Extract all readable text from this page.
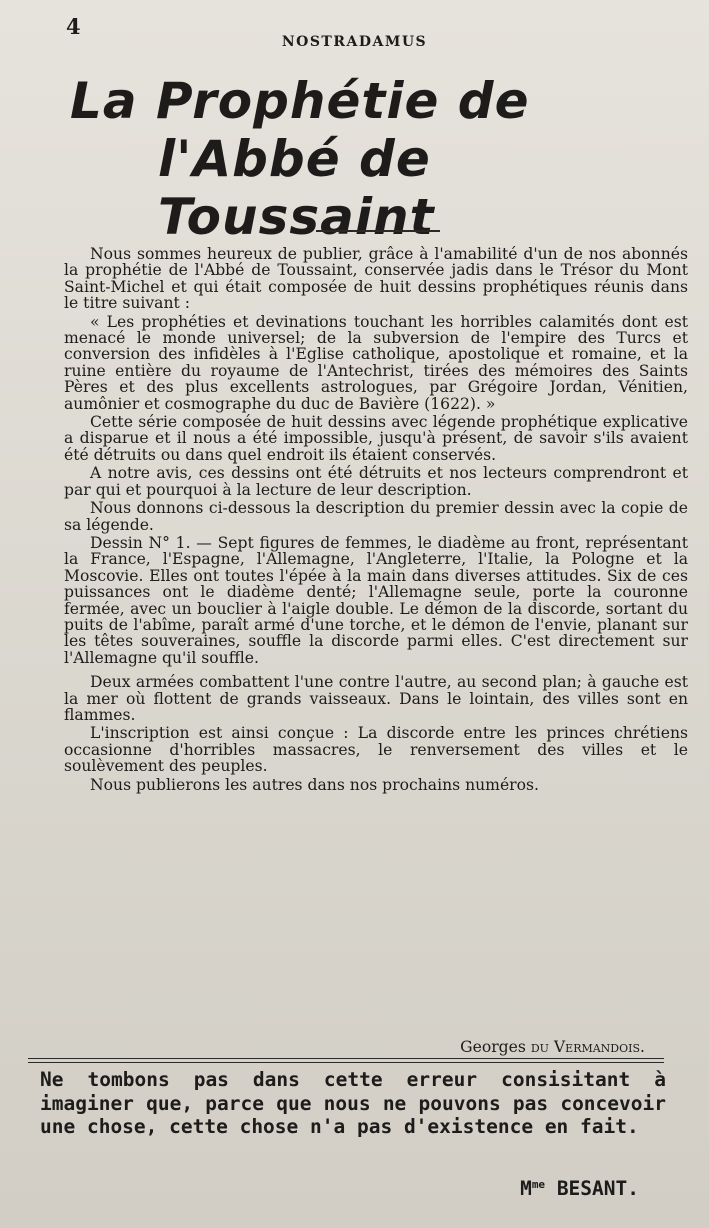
4
NOSTRADAMUS
La Prophétie de
l'Abbé de Toussaint

Nous sommes heureux de publier, grâce à l'amabilité d'un de nos abonnés la prophétie de l'Abbé de Toussaint, conservée jadis dans le Trésor du Mont Saint-Michel et qui était composée de huit dessins prophétiques réunis dans le titre suivant :

« Les prophéties et devinations touchant les horribles calamités dont est menacé le monde universel; de la subversion de l'empire des Turcs et conversion des infidèles à l'Eglise catholique, apostolique et romaine, et la ruine entière du royaume de l'Antechrist, tirées des mémoires des Saints Pères et des plus excellents astrologues, par Grégoire Jordan, Vénitien, aumônier et cosmographe du duc de Bavière (1622). »

Cette série composée de huit dessins avec légende prophétique explicative a disparue et il nous a été impossible, jusqu'à présent, de savoir s'ils avaient été détruits ou dans quel endroit ils étaient conservés.

A notre avis, ces dessins ont été détruits et nos lecteurs comprendront et par qui et pourquoi à la lecture de leur description.

Nous donnons ci-dessous la description du premier dessin avec la copie de sa légende.

Dessin N° 1. — Sept figures de femmes, le diadème au front, représentant la France, l'Espagne, l'Allemagne, l'Angleterre, l'Italie, la Pologne et la Moscovie. Elles ont toutes l'épée à la main dans diverses attitudes. Six de ces puissances ont le diadème denté; l'Allemagne seule, porte la couronne fermée, avec un bouclier à l'aigle double. Le démon de la discorde, sortant du puits de l'abîme, paraît armé d'une torche, et le démon de l'envie, planant sur les têtes souveraines, souffle la discorde parmi elles. C'est directement sur l'Allemagne qu'il souffle.

Deux armées combattent l'une contre l'autre, au second plan; à gauche est la mer où flottent de grands vaisseaux. Dans le lointain, des villes sont en flammes.

L'inscription est ainsi conçue : La discorde entre les princes chrétiens occasionne d'horribles massacres, le renversement des villes et le soulèvement des peuples.

Nous publierons les autres dans nos prochains numéros.

Georges du Vermandois.

Ne tombons pas dans cette erreur consisitant à imaginer que, parce que nous ne pouvons pas concevoir une chose, cette chose n'a pas d'existence en fait.

$M^{me}$ BESANT.
